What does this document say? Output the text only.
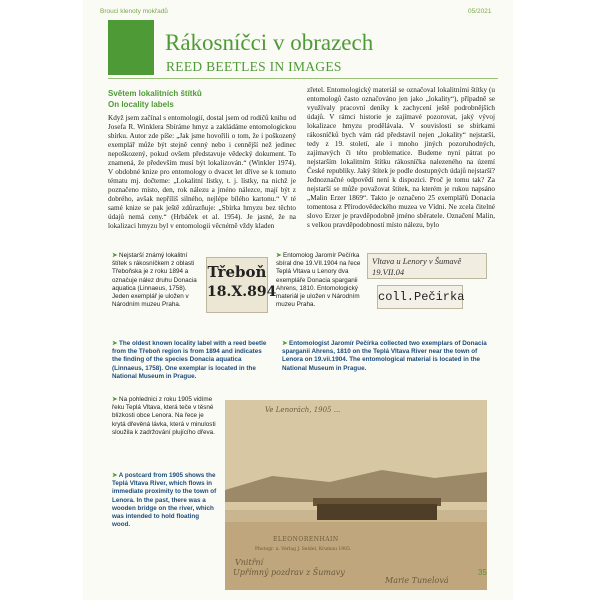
Brouci klenoty mokřadů	05/2021
Rákosníčci v obrazech
REED BEETLES IN IMAGES
Světem lokalitních štítků
On locality labels

Když jsem začínal s entomologií, dostal jsem od rodičů knihu od Josefa R. Winklera Sbíráme hmyz a zakládáme entomologickou sbírku. Autor zde píše: „Jak jsme hovořili o tom, že i poškozený exemplář může být stejně cenný nebo i cennější než jedinec nepoškozený, pokud ovšem představuje vědecký dokument. To znamená, že především musí být lokalizován.“ (Winkler 1974). V obdobné knize pro entomology o dvacet let dříve se k tomuto tématu mj. dočteme: „Lokalitní lístky, t. j. lístky, na nichž je poznačeno místo, den, rok nálezu a jméno nálezce, mají být z dobrého, avšak nepříliš silného, nejlépe bílého kartonu.“ V té samé knize se pak ještě zdůrazňuje: „Sbírka hmyzu bez těchto údajů nemá ceny.“ (Hrbáček et al. 1954). Je jasné, že na lokalizaci hmyzu byl v entomologii věcnémě vždy kladen

zřetel. Entomologický materiál se označoval lokalitními štítky (u entomologů často označováno jen jako „lokality“), případně se využívaly pracovní deníky k zachycení ještě podrobnějších údajů. V rámci historie je zajímavé pozorovat, jaký vývoj lokalizace hmyzu prodělávala. V souvislosti se sbírkami rákosníčků bych vám rád představil nejen „lokality“ nejstarší, tedy z 19. století, ale i mnoho jiných pozoruhodných, zajímavých či této problematice. Budeme nyní pátrat po nejstarším lokalitním štítku rákosníčka nalezeného na území České republiky. Jaký štítek je podle dostupných údajů nejstarší? Jednoznačné odpovědí není k dispozici. Proč je tomu tak? Za nejstarší se může považovat štítek, na kterém je rukou napsáno „Malin Erzer 1869“. Takto je označeno 25 exemplářů Donacia tomentosa z Přírodovědeckého muzea ve Vídni. Ne zcela čitelné slovo Erzer je pravděpodobně jméno sběratele. Označení Malin, s velkou pravděpodobností místo nálezu, bylo

➤ Nejstarší známý lokalitní štítek s rákosníčkem z oblasti Třeboňska je z roku 1894 a označuje nález druhu Donacia aquatica (Linnaeus, 1758). Jeden exemplář je uložen v Národním muzeu Praha.
Třeboň
18.X.894
➤ Entomolog Jaromír Pečírka sbíral dne 19.VII.1904 na řece Teplá Vltava u Lenory dva exempláře Donacia sparganii Ahrens, 1810. Entomologický materiál je uložen v Národním muzeu Praha.
Vltava u Lenory v Šumavě 19.VII.04
coll.Pečirka
➤ The oldest known locality label with a reed beetle from the Třeboň region is from 1894 and indicates the finding of the species Donacia aquatica (Linnaeus, 1758). One exemplar is located in the National Museum in Prague.
➤ Entomologist Jaromír Pečírka collected two exemplars of Donacia sparganii Ahrens, 1810 on the Teplá Vltava River near the town of Lenora on 19.vii.1904. The entomological material is located in the National Museum in Prague.
➤ Na pohlednici z roku 1905 vidíme řeku Teplá Vltava, která teče v těsné blízkosti obce Lenora. Na řece je krytá dřevěná lávka, která v minulosti sloužila k zadržování plujícího dřeva.
➤ A postcard from 1905 shows the Teplá Vltava River, which flows in immediate proximity to the town of Lenora. In the past, there was a wooden bridge on the river, which was intended to hold floating wood.
Ve Lenorách, 1905 ...
ELEONORENHAIN
Photogr. u. Verlag J. Seidel, Krumau 1905.
Vnitřní
Upřímný pozdrav z Šumavy
Marie Tunelová
35
